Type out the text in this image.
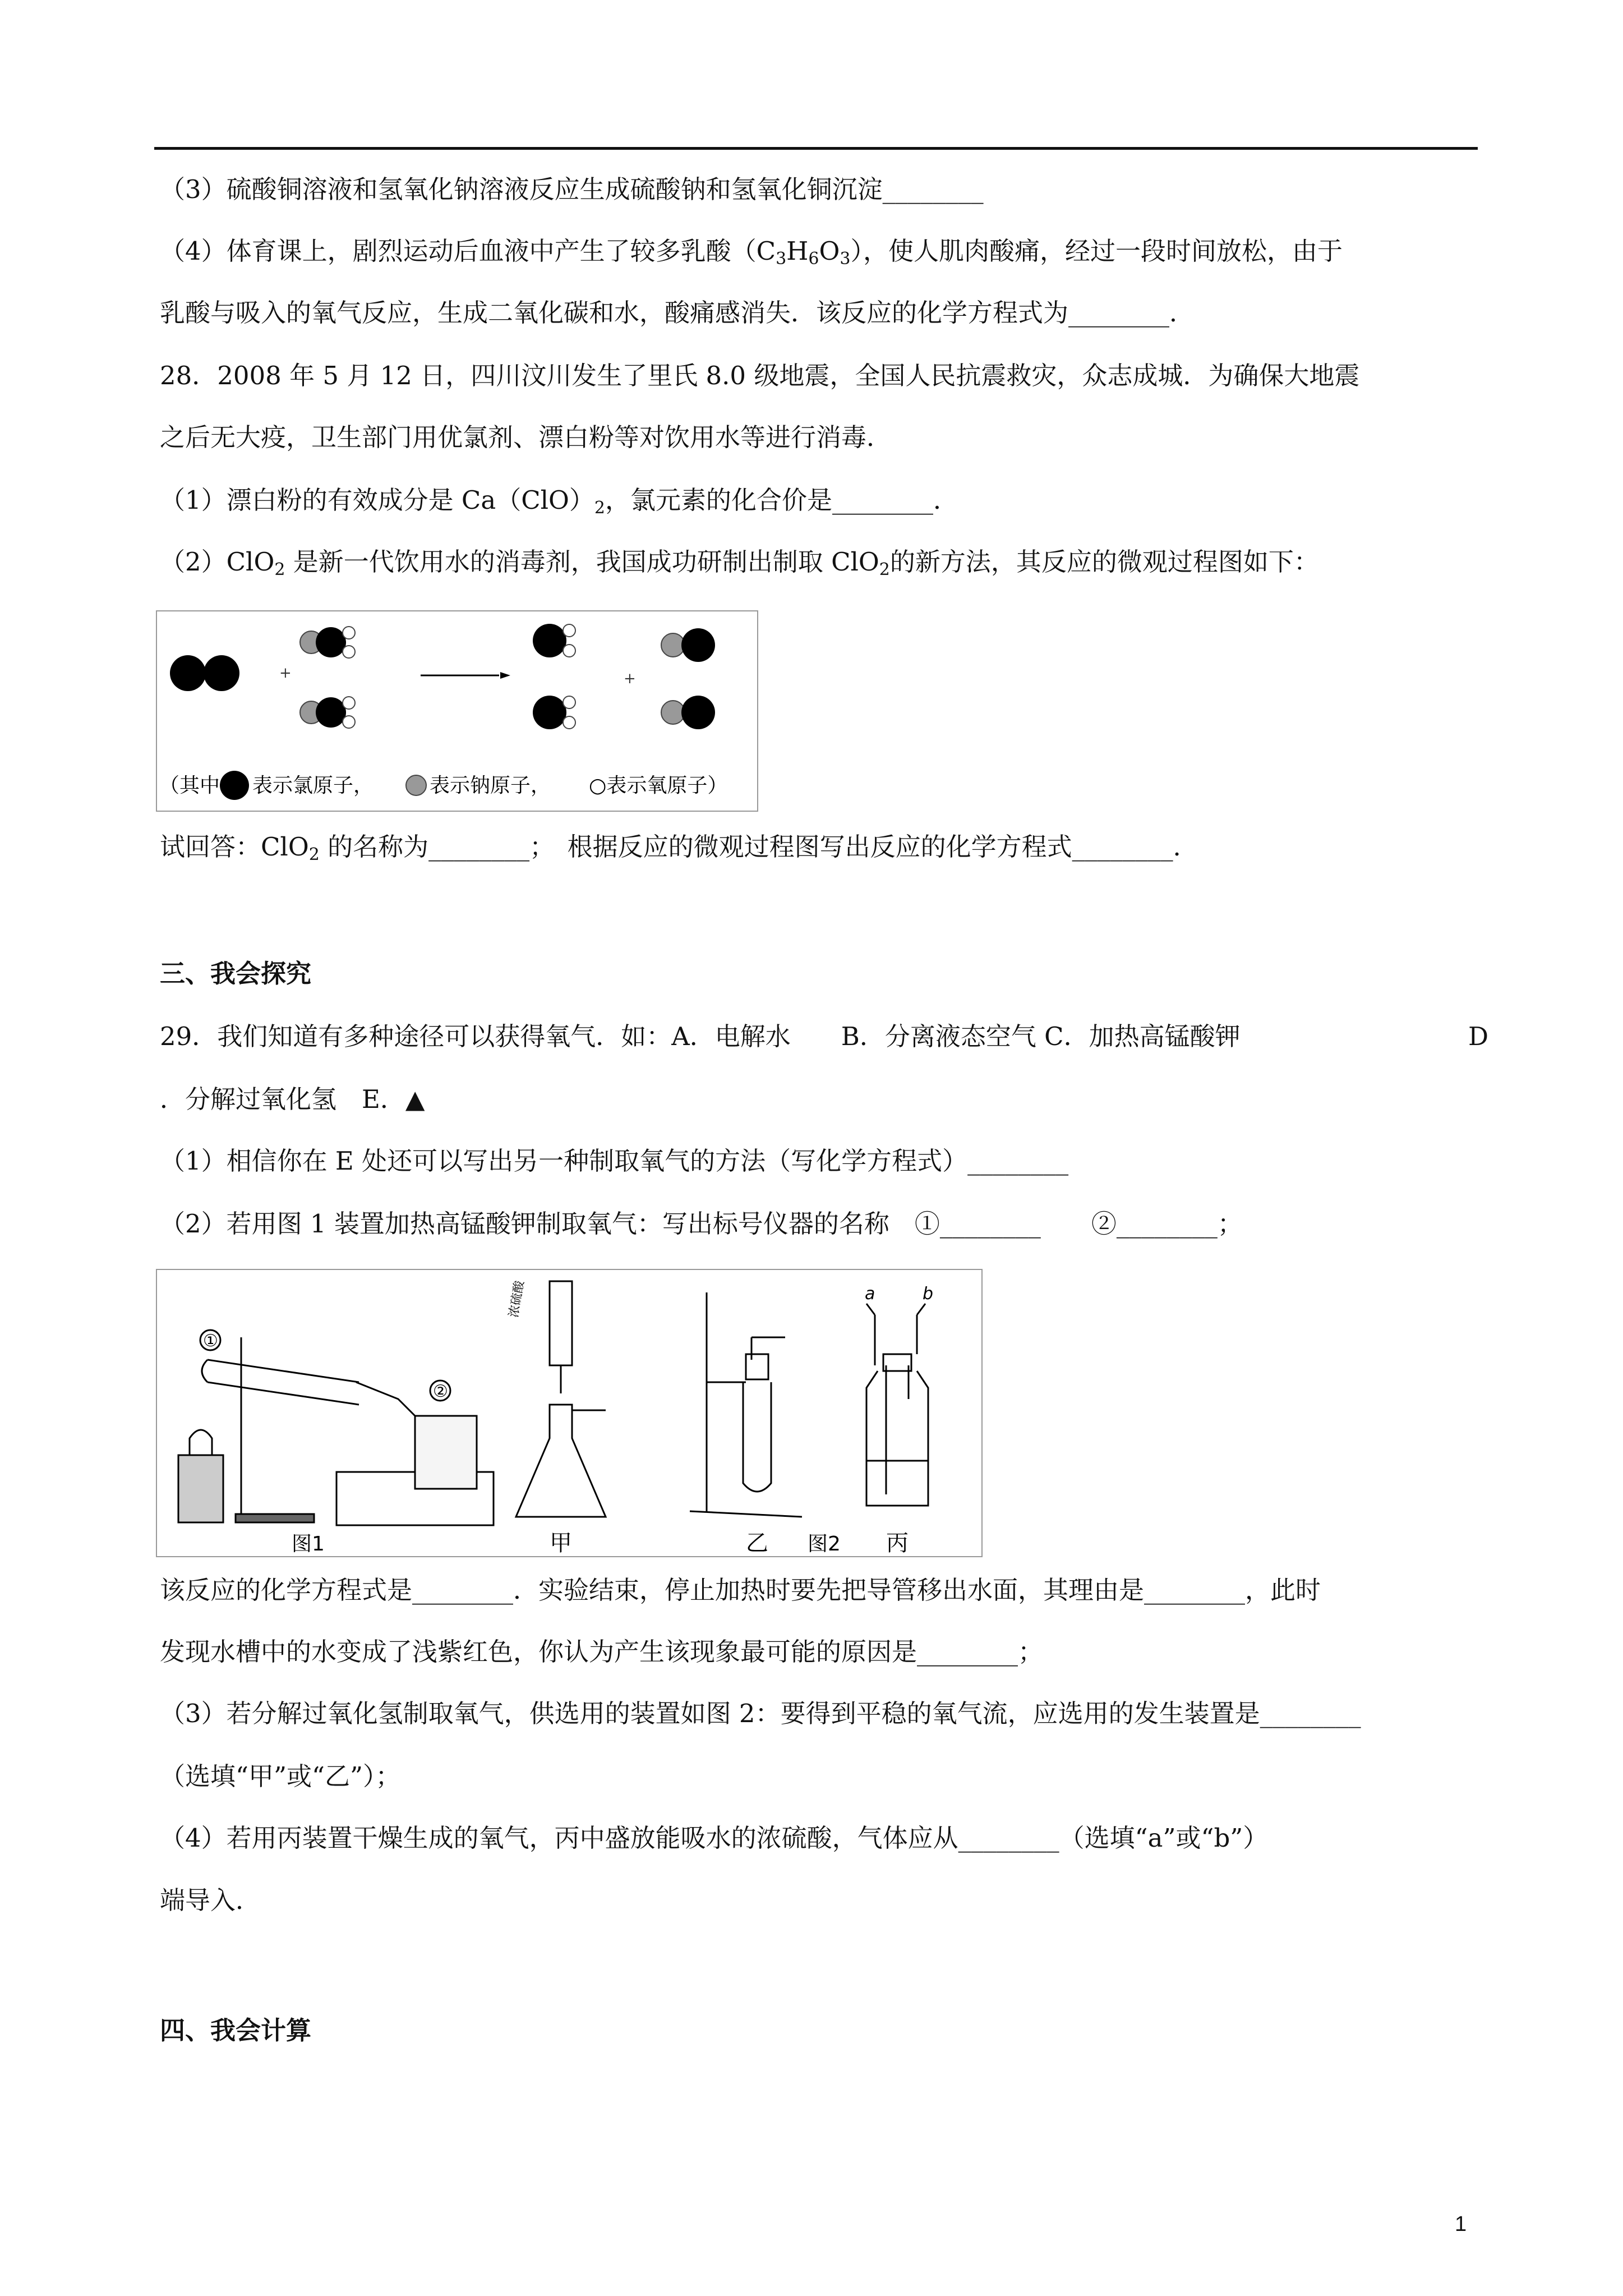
（3）硫酸铜溶液和氢氧化钠溶液反应生成硫酸钠和氢氧化铜沉淀________
（4）体育课上，剧烈运动后血液中产生了较多乳酸$(C_3H_6O_3)$，使人肌肉酸痛，经过一段时间放松，由于
乳酸与吸入的氧气反应，生成二氧化碳和水，酸痛感消失．该反应的化学方程式为________．
28．2008 年 5 月 12 日，四川汶川发生了里氏 8.0 级地震，全国人民抗震救灾，众志成城．为确保大地震
之后无大疫，卫生部门用优氯剂、漂白粉等对饮用水等进行消毒．
（1）漂白粉的有效成分是 $Ca(ClO)_2$，氯元素的化合价是________．
（2）ClO$_2$ 是新一代饮用水的消毒剂，我国成功研制出制取 ClO$_2$的新方法，其反应的微观过程图如下：
+	+
（其中 表示氯原子，	表示钠原子， ○表示氧原子）
试回答：ClO$_2$ 的名称为________；　根据反应的微观过程图写出反应的化学方程式________．
三、我会探究
29．我们知道有多种途径可以获得氧气．如：A．电解水　　B．分离液态空气 C．加热高锰酸钾	D
．分解过氧化氢　E．▲
（1）相信你在 E 处还可以写出另一种制取氧气的方法（写化学方程式）________
（2）若用图 1 装置加热高锰酸钾制取氧气：写出标号仪器的名称　①________　　②________；
①
②
图1
浓硫酸
甲	乙 图2
a	b
丙
该反应的化学方程式是________．实验结束，停止加热时要先把导管移出水面，其理由是________，此时
发现水槽中的水变成了浅紫红色，你认为产生该现象最可能的原因是________；
（3）若分解过氧化氢制取氧气，供选用的装置如图 2：要得到平稳的氧气流，应选用的发生装置是________
（选填“甲”或“乙”）；
（4）若用丙装置干燥生成的氧气，丙中盛放能吸水的浓硫酸，气体应从________（选填“a”或“b”）
端导入．
四、我会计算
1
